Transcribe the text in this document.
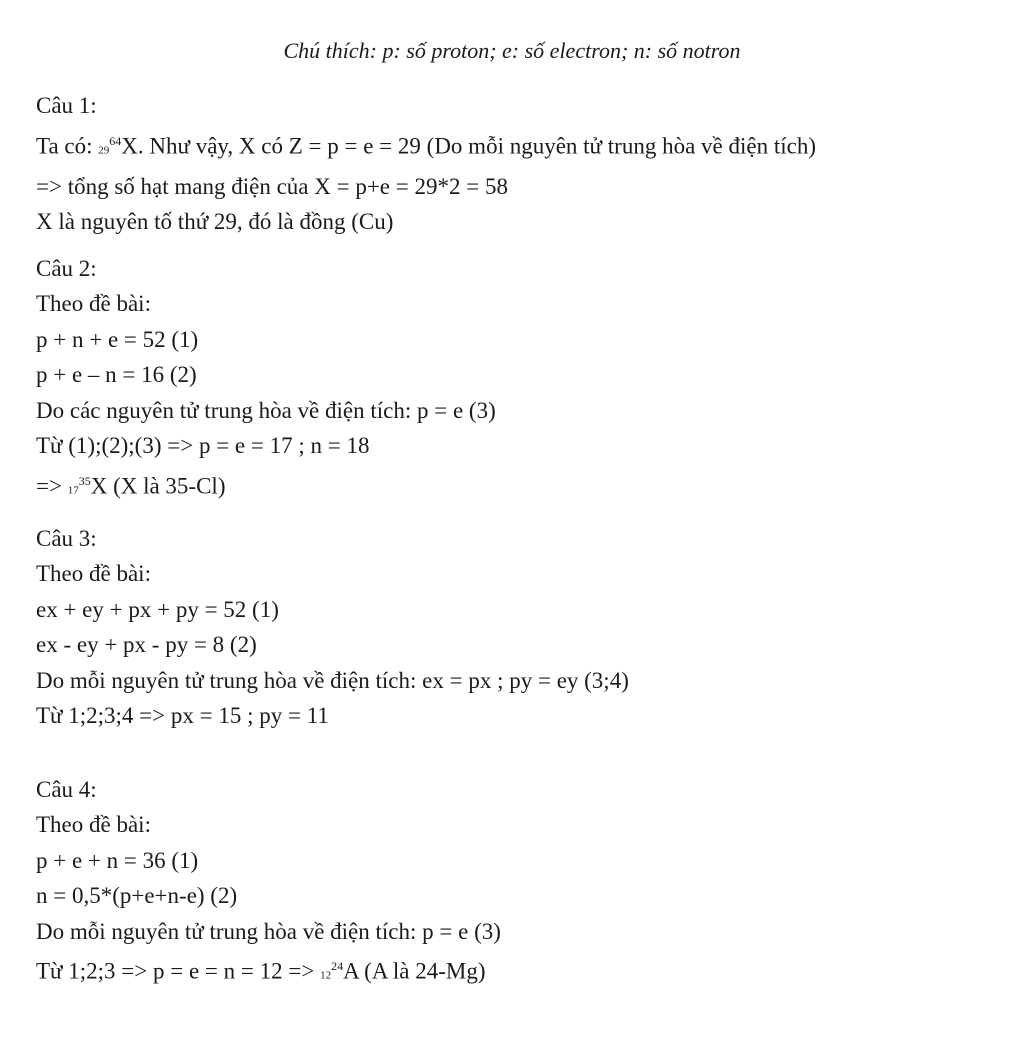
Chú thích: p: số proton; e: số electron; n: số notron
Câu 1:
Ta có: $29^{64}X$. Như vậy, X có Z = p = e = 29 (Do mỗi nguyên tử trung hòa về điện tích)
=> tổng số hạt mang điện của X = p+e = 29*2 = 58
X là nguyên tố thứ 29, đó là đồng (Cu)
Câu 2:
Theo đề bài:
p + n + e = 52 (1)
p + e – n = 16 (2)
Do các nguyên tử trung hòa về điện tích: p = e (3)
Từ (1);(2);(3) => p = e = 17 ; n = 18
=> $17^{35}X$ (X là 35-Cl)
Câu 3:
Theo đề bài:
ex + ey + px + py = 52 (1)
ex - ey + px - py = 8 (2)
Do mỗi nguyên tử trung hòa về điện tích: ex = px ; py = ey (3;4)
Từ 1;2;3;4 => px = 15 ; py = 11
Câu 4:
Theo đề bài:
p + e + n = 36 (1)
n = 0,5*(p+e+n-e) (2)
Do mỗi nguyên tử trung hòa về điện tích: p = e (3)
Từ 1;2;3 => $p = e = n = 12 => 12^{24}A$ (A là 24-Mg)
